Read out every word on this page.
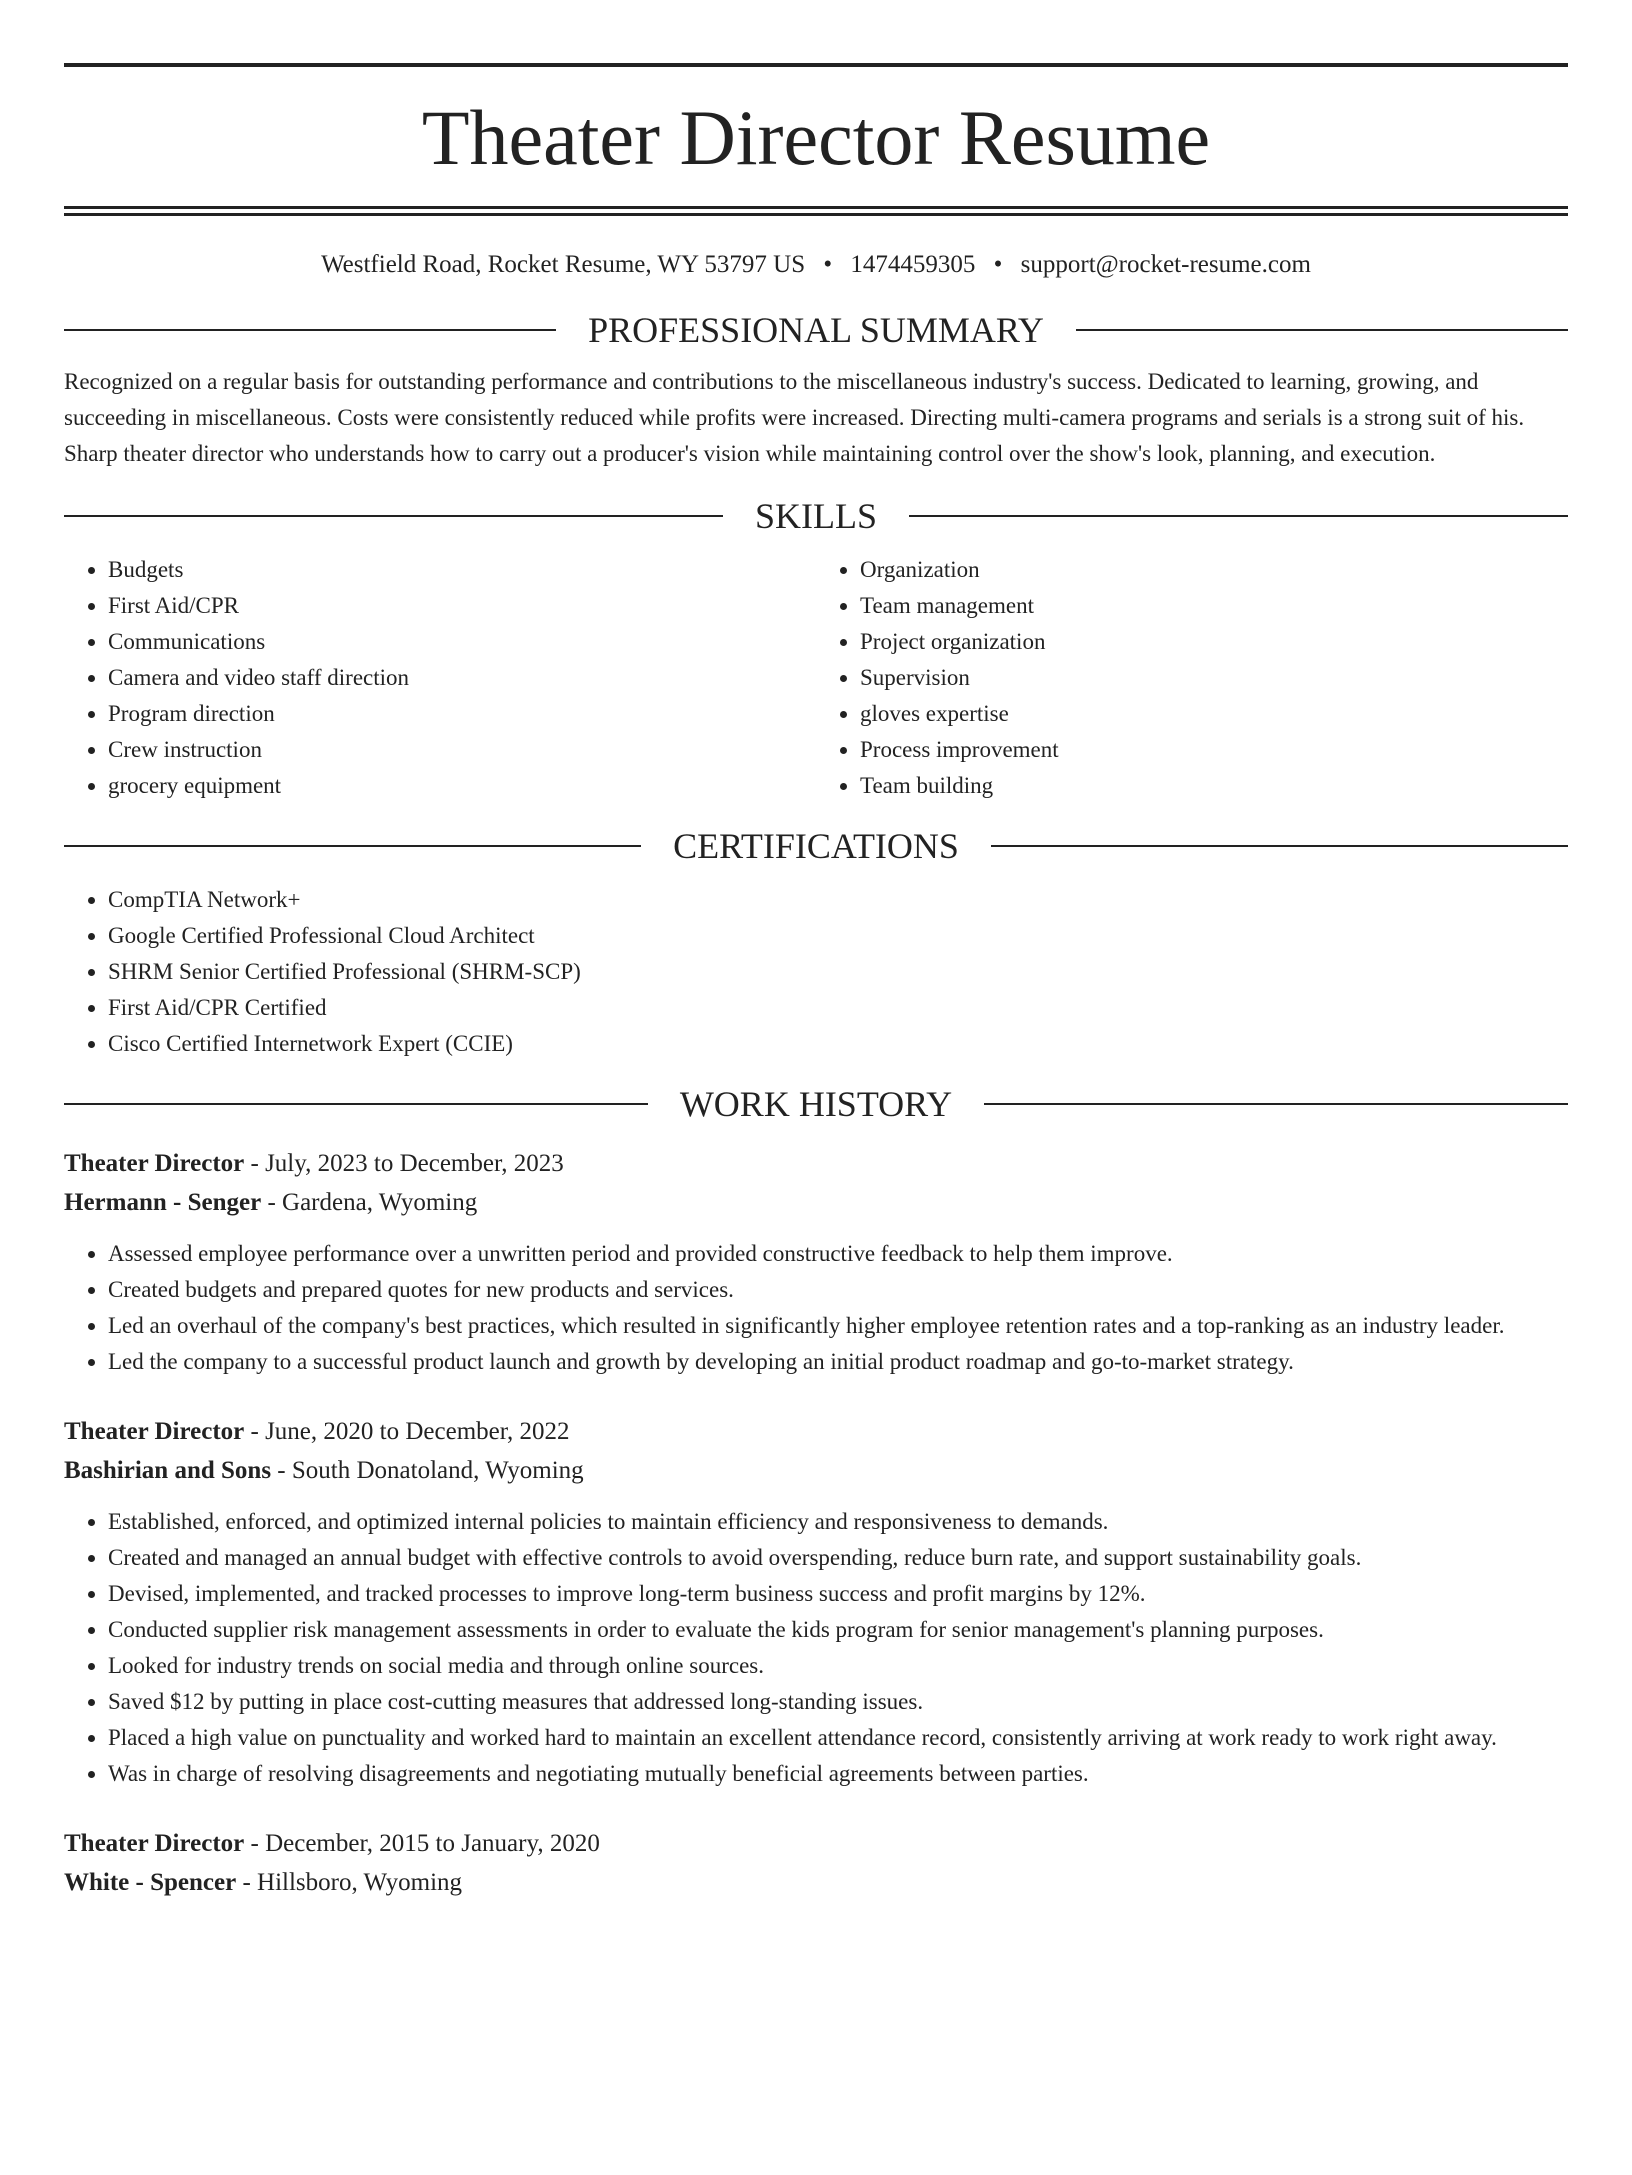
Theater Director Resume
Westfield Road, Rocket Resume, WY 53797 US • 1474459305 • support@rocket-resume.com
PROFESSIONAL SUMMARY

Recognized on a regular basis for outstanding performance and contributions to the miscellaneous industry's success. Dedicated to learning, growing, and succeeding in miscellaneous. Costs were consistently reduced while profits were increased. Directing multi-camera programs and serials is a strong suit of his. Sharp theater director who understands how to carry out a producer's vision while maintaining control over the show's look, planning, and execution.

SKILLS
• Budgets
• First Aid/CPR
• Communications
• Camera and video staff direction
• Program direction
• Crew instruction
• grocery equipment
• Organization
• Team management
• Project organization
• Supervision
• gloves expertise
• Process improvement
• Team building
CERTIFICATIONS
• CompTIA Network+
• Google Certified Professional Cloud Architect
• SHRM Senior Certified Professional (SHRM-SCP)
• First Aid/CPR Certified
• Cisco Certified Internetwork Expert (CCIE)
WORK HISTORY
Theater Director - July, 2023 to December, 2023
Hermann - Senger - Gardena, Wyoming
• Assessed employee performance over a unwritten period and provided constructive feedback to help them improve.
• Created budgets and prepared quotes for new products and services.
• Led an overhaul of the company's best practices, which resulted in significantly higher employee retention rates and a top-ranking as an industry leader.
• Led the company to a successful product launch and growth by developing an initial product roadmap and go-to-market strategy.
Theater Director - June, 2020 to December, 2022
Bashirian and Sons - South Donatoland, Wyoming
• Established, enforced, and optimized internal policies to maintain efficiency and responsiveness to demands.
• Created and managed an annual budget with effective controls to avoid overspending, reduce burn rate, and support sustainability goals.
• Devised, implemented, and tracked processes to improve long-term business success and profit margins by 12%.
• Conducted supplier risk management assessments in order to evaluate the kids program for senior management's planning purposes.
• Looked for industry trends on social media and through online sources.
• Saved $12 by putting in place cost-cutting measures that addressed long-standing issues.
• Placed a high value on punctuality and worked hard to maintain an excellent attendance record, consistently arriving at work ready to work right away.
• Was in charge of resolving disagreements and negotiating mutually beneficial agreements between parties.
Theater Director - December, 2015 to January, 2020
White - Spencer - Hillsboro, Wyoming
